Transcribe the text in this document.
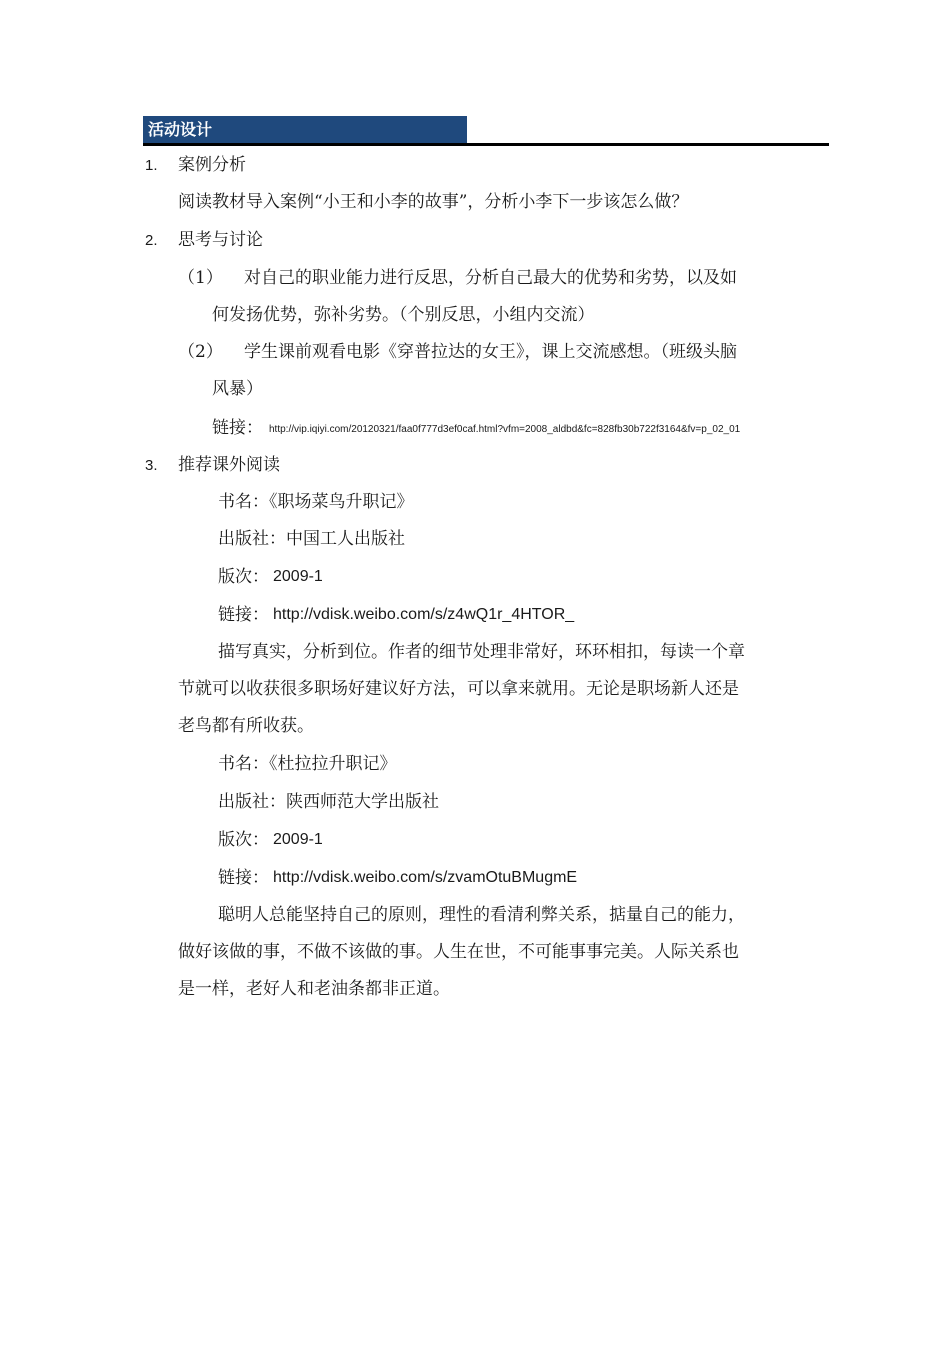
活动设计
1. 案例分析
阅读教材导入案例“小王和小李的故事”，分析小李下一步该怎么做？
2. 思考与讨论
（1） 对自己的职业能力进行反思，分析自己最大的优势和劣势，以及如
何发扬优势，弥补劣势。（个别反思，小组内交流）
（2） 学生课前观看电影《穿普拉达的女王》，课上交流感想。（班级头脑
风暴）
链接： http://vip.iqiyi.com/20120321/faa0f777d3ef0caf.html?vfm=2008_aldbd&fc=828fb30b722f3164&fv=p_02_01
3. 推荐课外阅读
书名：《职场菜鸟升职记》
出版社：中国工人出版社
版次： 2009-1
链接： http://vdisk.weibo.com/s/z4wQ1r_4HTOR_
描写真实，分析到位。作者的细节处理非常好，环环相扣，每读一个章
节就可以收获很多职场好建议好方法，可以拿来就用。无论是职场新人还是
老鸟都有所收获。
书名：《杜拉拉升职记》
出版社：陕西师范大学出版社
版次： 2009-1
链接： http://vdisk.weibo.com/s/zvamOtuBMugmE
聪明人总能坚持自己的原则，理性的看清利弊关系，掂量自己的能力，
做好该做的事，不做不该做的事。人生在世，不可能事事完美。人际关系也
是一样，老好人和老油条都非正道。
